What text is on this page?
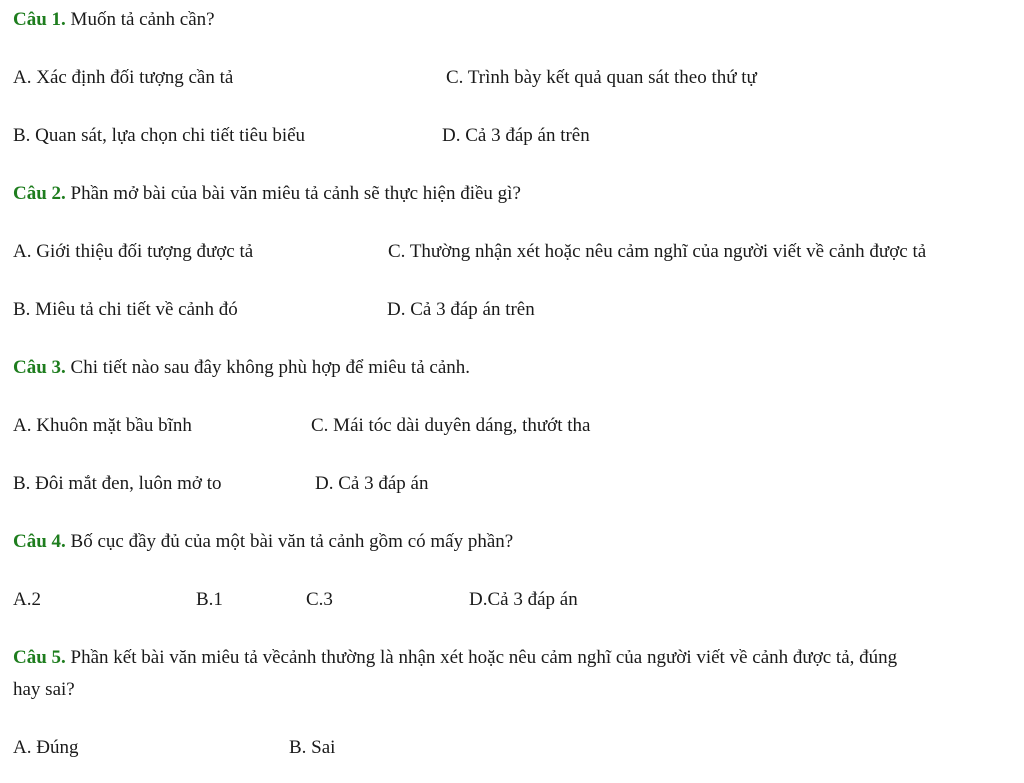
Câu 1. Muốn tả cảnh cần?
A. Xác định đối tượng cần tả	C. Trình bày kết quả quan sát theo thứ tự
B. Quan sát, lựa chọn chi tiết tiêu biểu	D. Cả 3 đáp án trên
Câu 2. Phần mở bài của bài văn miêu tả cảnh sẽ thực hiện điều gì?
A. Giới thiệu đối tượng được tả	C. Thường nhận xét hoặc nêu cảm nghĩ của người viết về cảnh được tả
B. Miêu tả chi tiết về cảnh đó	D. Cả 3 đáp án trên
Câu 3. Chi tiết nào sau đây không phù hợp để miêu tả cảnh.
A. Khuôn mặt bầu bĩnh	C. Mái tóc dài duyên dáng, thướt tha
B. Đôi mắt đen, luôn mở to	D. Cả 3 đáp án
Câu 4. Bố cục đầy đủ của một bài văn tả cảnh gồm có mấy phần?
A.2	B.1	C.3	D.Cả 3 đáp án
Câu 5. Phần kết bài văn miêu tả vềcảnh thường là nhận xét hoặc nêu cảm nghĩ của người viết về cảnh được tả, đúng
hay sai?
A. Đúng	B. Sai
